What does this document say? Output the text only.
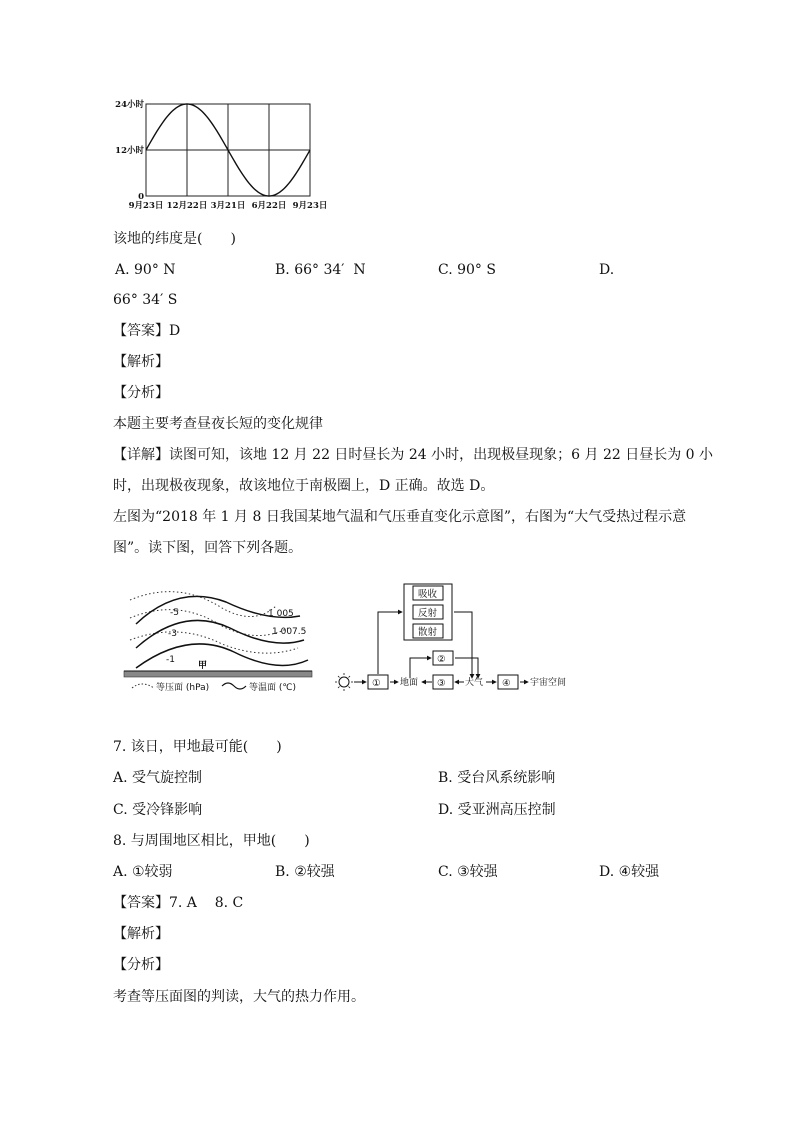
24小时
12小时
0
9月23日 12月22日 3月21日 6月22日 9月23日
该地的纬度是(　　)
A. 90° N	B. 66° 34′  N	C. 90° S	D.
66° 34′ S
【答案】D
【解析】
【分析】
本题主要考查昼夜长短的变化规律
【详解】读图可知，该地 12 月 22 日时昼长为 24 小时，出现极昼现象；6 月 22 日昼长为 0 小
时，出现极夜现象，故该地位于南极圈上，D 正确。故选 D。
左图为“2018 年 1 月 8 日我国某地气温和气压垂直变化示意图”，右图为“大气受热过程示意
图”。读下图，回答下列各题。
-5
-3
-1
1 005
1 007.5
甲
等压面 (hPa)	等温面 (℃)
吸收
反射
散射
① 地面 ③ 大气
②
④ 宇宙空间
7. 该日，甲地最可能(　　)
A. 受气旋控制	B. 受台风系统影响
C. 受冷锋影响	D. 受亚洲高压控制
8. 与周围地区相比，甲地(　　)
A. ①较弱	B. ②较强	C. ③较强	D. ④较强
【答案】7. A    8. C
【解析】
【分析】
考查等压面图的判读，大气的热力作用。
